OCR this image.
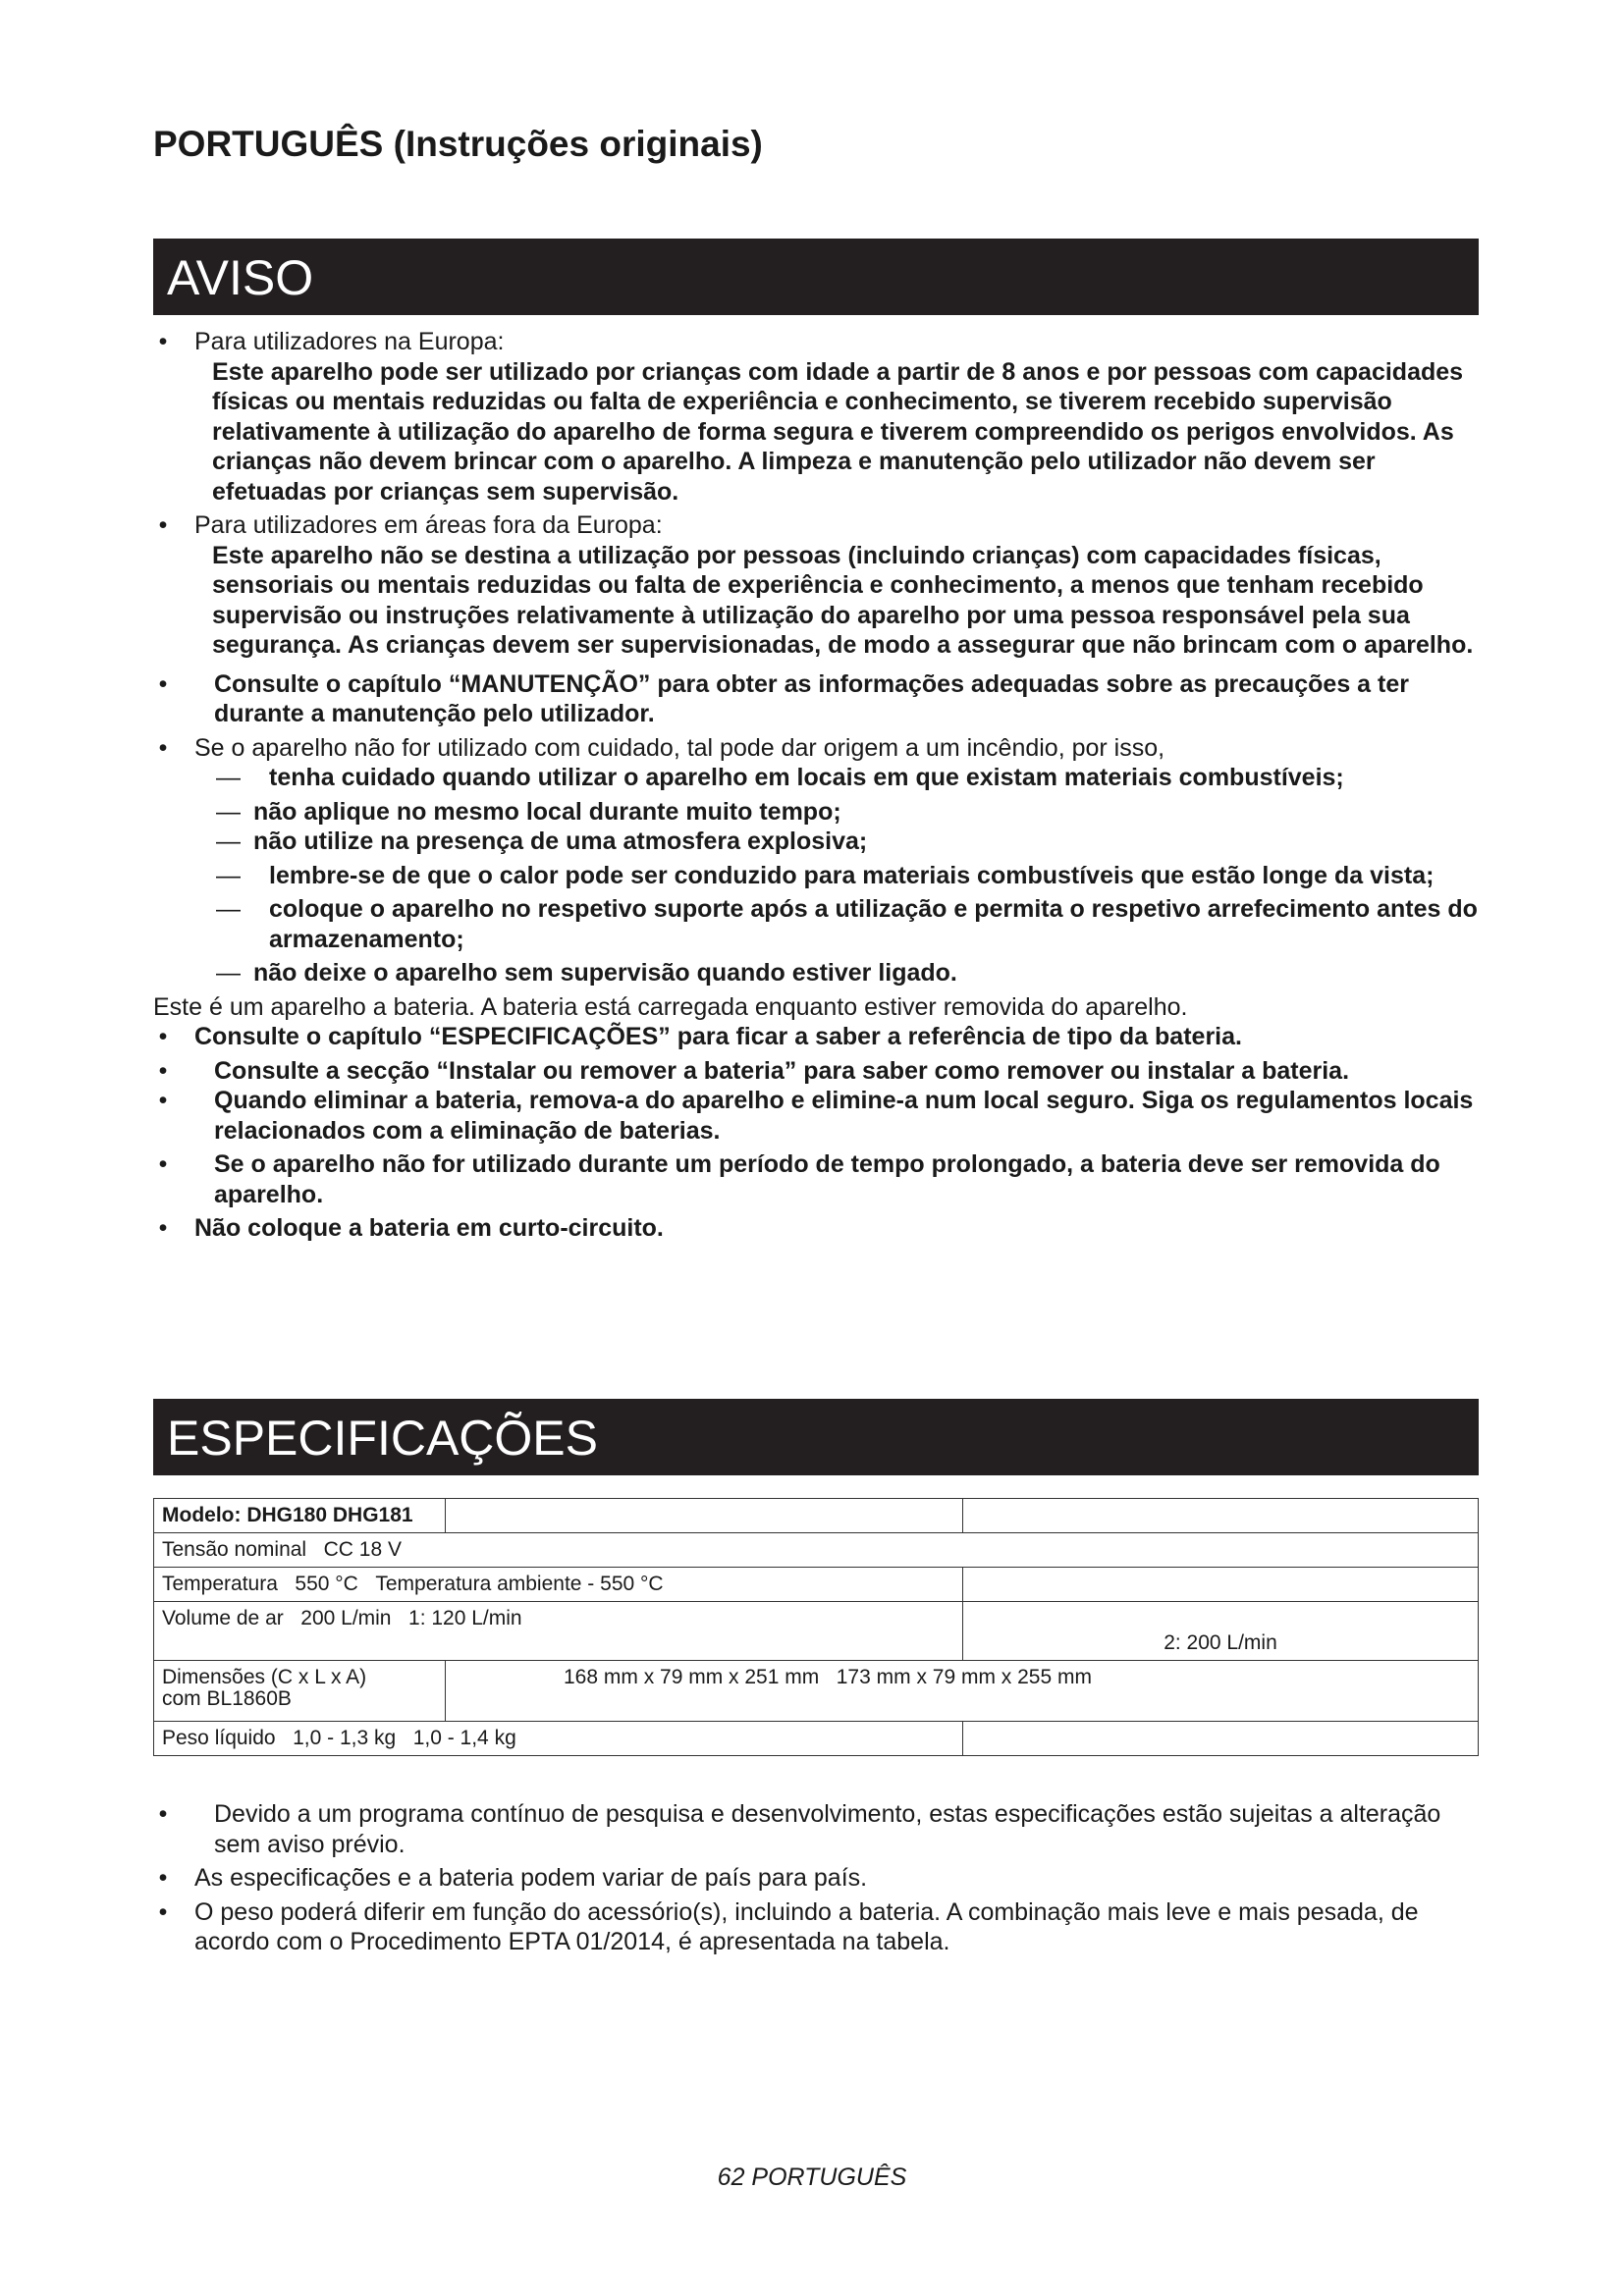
PORTUGUÊS (Instruções originais)
AVISO
• Para utilizadores na Europa:
Este aparelho pode ser utilizado por crianças com idade a partir de 8 anos e por pessoas com capacidades físicas ou mentais reduzidas ou falta de experiência e conhecimento, se tiverem recebido supervisão relativamente à utilização do aparelho de forma segura e tiverem compreendido os perigos envolvidos. As crianças não devem brincar com o aparelho. A limpeza e manutenção pelo utilizador não devem ser efetuadas por crianças sem supervisão.
• Para utilizadores em áreas fora da Europa:
Este aparelho não se destina a utilização por pessoas (incluindo crianças) com capacidades físicas, sensoriais ou mentais reduzidas ou falta de experiência e conhecimento, a menos que tenham recebido supervisão ou instruções relativamente à utilização do aparelho por uma pessoa responsável pela sua segurança. As crianças devem ser supervisionadas, de modo a assegurar que não brincam com o aparelho.
•	Consulte o capítulo “MANUTENÇÃO” para obter as informações adequadas sobre as precauções a ter durante a manutenção pelo utilizador.
• Se o aparelho não for utilizado com cuidado, tal pode dar origem a um incêndio, por isso,
— tenha cuidado quando utilizar o aparelho em locais em que existam materiais combustíveis;
— não aplique no mesmo local durante muito tempo;
— não utilize na presença de uma atmosfera explosiva;
— lembre-se de que o calor pode ser conduzido para materiais combustíveis que estão longe da vista;
— coloque o aparelho no respetivo suporte após a utilização e permita o respetivo arrefecimento antes do armazenamento;
— não deixe o aparelho sem supervisão quando estiver ligado.
Este é um aparelho a bateria. A bateria está carregada enquanto estiver removida do aparelho.
• Consulte o capítulo “ESPECIFICAÇÕES” para ficar a saber a referência de tipo da bateria.
• Consulte a secção “Instalar ou remover a bateria” para saber como remover ou instalar a bateria.
• Quando eliminar a bateria, remova-a do aparelho e elimine-a num local seguro. Siga os regulamentos locais relacionados com a eliminação de baterias.
• Se o aparelho não for utilizado durante um período de tempo prolongado, a bateria deve ser removida do aparelho.
• Não coloque a bateria em curto-circuito.
ESPECIFICAÇÕES
Modelo: DHG180 DHG181		
Tensão nominal CC 18 V		
Temperatura 550 °C Temperatura ambiente - 550 °C		
Volume de ar 200 L/min 1: 120 L/min		2: 200 L/min

Dimensões (C x L x A)
com BL1860B	168 mm x 79 mm x 251 mm 173 mm x 79 mm x 255 mm	
Peso líquido 1,0 - 1,3 kg 1,0 - 1,4 kg		
• Devido a um programa contínuo de pesquisa e desenvolvimento, estas especificações estão sujeitas a alteração sem aviso prévio.
• As especificações e a bateria podem variar de país para país.
• O peso poderá diferir em função do acessório(s), incluindo a bateria. A combinação mais leve e mais pesada, de acordo com o Procedimento EPTA 01/2014, é apresentada na tabela.
62 PORTUGUÊS
